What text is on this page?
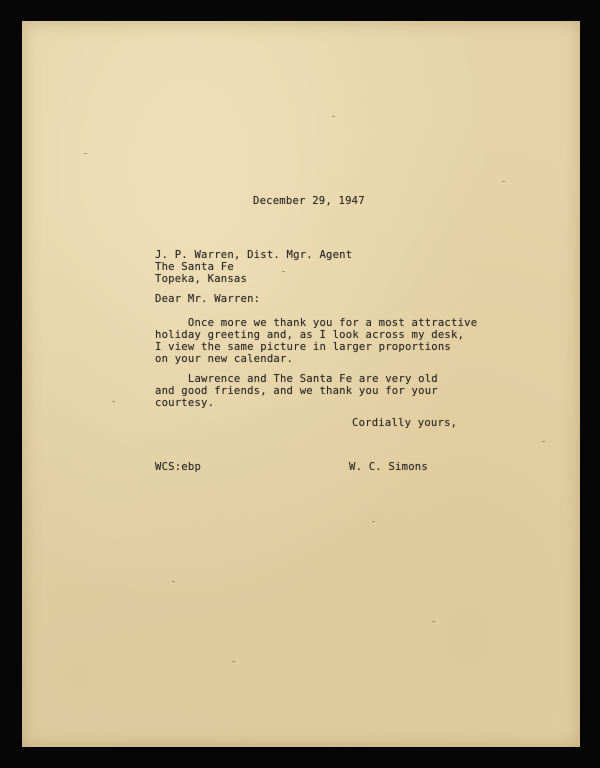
December 29, 1947
J. P. Warren, Dist. Mgr. Agent
The Santa Fe
Topeka, Kansas
Dear Mr. Warren:
Once more we thank you for a most attractive
holiday greeting and, as I look across my desk,
I view the same picture in larger proportions
on your new calendar.
Lawrence and The Santa Fe are very old
and good friends, and we thank you for your
courtesy.
Cordially yours,
WCS:ebp	W. C. Simons
